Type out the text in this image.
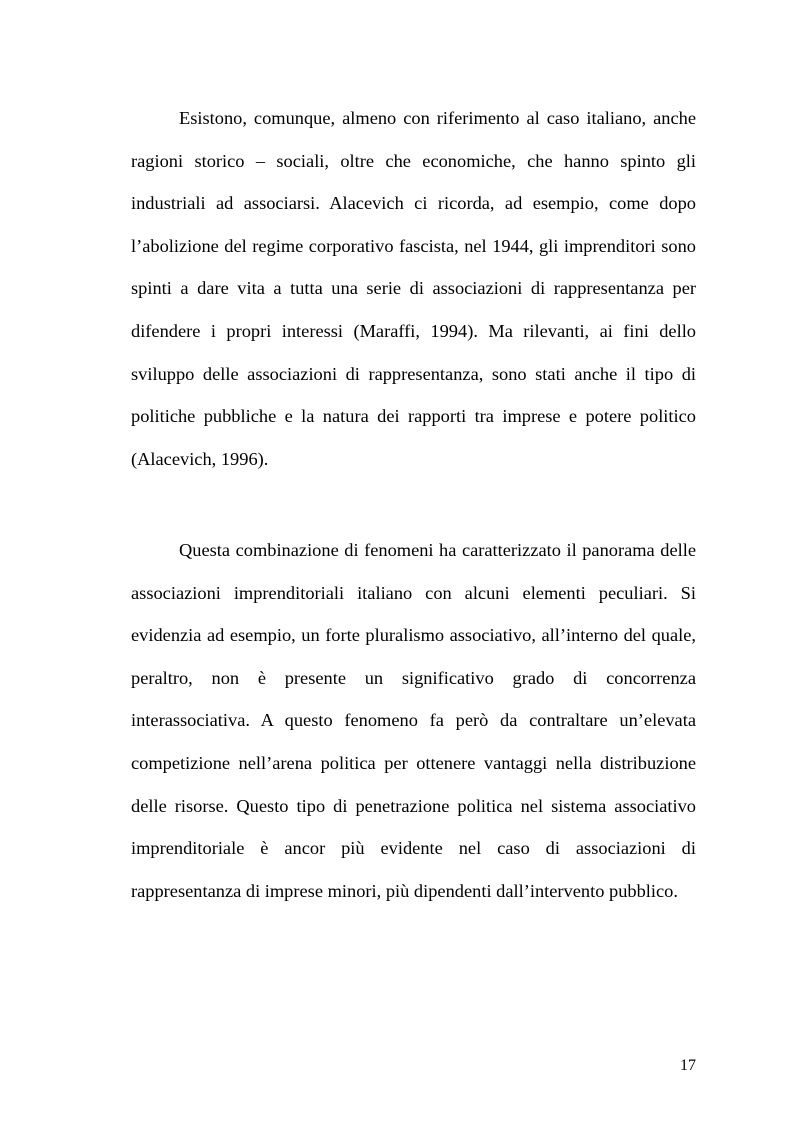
Esistono, comunque, almeno con riferimento al caso italiano, anche ragioni storico – sociali, oltre che economiche, che hanno spinto gli industriali ad associarsi. Alacevich ci ricorda, ad esempio, come dopo l’abolizione del regime corporativo fascista, nel 1944, gli imprenditori sono spinti a dare vita a tutta una serie di associazioni di rappresentanza per difendere i propri interessi (Maraffi, 1994). Ma rilevanti, ai fini dello sviluppo delle associazioni di rappresentanza, sono stati anche il tipo di politiche pubbliche e la natura dei rapporti tra imprese e potere politico (Alacevich, 1996).

Questa combinazione di fenomeni ha caratterizzato il panorama delle associazioni imprenditoriali italiano con alcuni elementi peculiari. Si evidenzia ad esempio, un forte pluralismo associativo, all’interno del quale, peraltro, non è presente un significativo grado di concorrenza interassociativa. A questo fenomeno fa però da contraltare un’elevata competizione nell’arena politica per ottenere vantaggi nella distribuzione delle risorse. Questo tipo di penetrazione politica nel sistema associativo imprenditoriale è ancor più evidente nel caso di associazioni di rappresentanza di imprese minori, più dipendenti dall’intervento pubblico.

17
